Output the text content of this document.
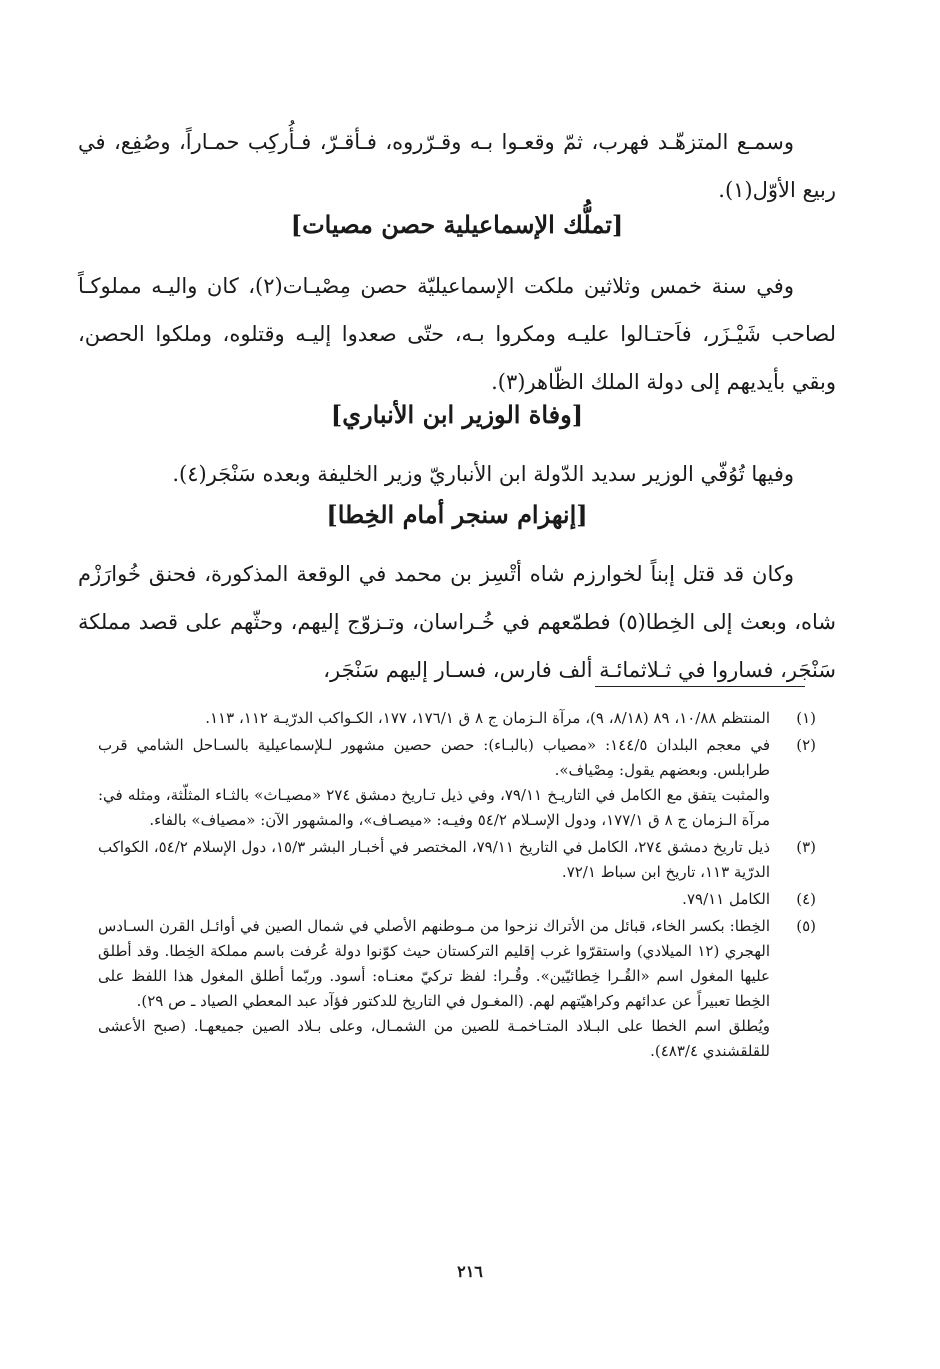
وسمـع المتزهّـد فهرب، ثمّ وقعـوا بـه وقـرّروه، فـأقـرّ، فـأُركِب حمـاراً، وصُفِع، في ربيع الأوّل(١).

[تملُّك الإسماعيلية حصن مصيات]

وفي سنة خمس وثلاثين ملكت الإسماعيليّة حصن مِصْيـات(٢)، كان واليـه مملوكـاً لصاحب شَيْـزَر، فاَحتـالوا عليـه ومكروا بـه، حتّى صعدوا إليـه وقتلوه، وملكوا الحصن، وبقي بأيديهم إلى دولة الملك الظّاهر(٣).

[وفاة الوزير ابن الأنباري]

وفيها تُوُفّي الوزير سديد الدّولة ابن الأنباريّ وزير الخليفة وبعده سَنْجَر(٤).

[إنهزام سنجر أمام الخِطا]

وكان قد قتل إبناً لخوارزم شاه أتْسِز بن محمد في الوقعة المذكورة، فحنق خُوارَزْم شاه، وبعث إلى الخِطا(٥) فطمّعهم في خُـراسان، وتـزوّج إليهم، وحثّهم على قصد مملكة سَنْجَر، فساروا في ثـلاثمائـة ألف فارس، فسـار إليهم سَنْجَر،

(١)

المنتظم ١٠/٨٨، ٨٩ (٨/١٨، ٩)، مرآة الـزمان ج ٨ ق ١٧٦/١، ١٧٧، الكـواكب الدرّيـة ١١٢، ١١٣.

(٢)

في معجم البلدان ١٤٤/٥: «مصياب (بالبـاء): حصن حصين مشهور لـلإسماعيلية بالسـاحل الشامي قرب طرابلس. وبعضهم يقول: مِصْياف».

والمثبت يتفق مع الكامل في التاريـخ ٧٩/١١، وفي ذيل تـاريخ دمشق ٢٧٤ «مصيـاث» بالثـاء المثلّثة، ومثله في: مرآة الـزمان ج ٨ ق ١٧٧/١، ودول الإسـلام ٥٤/٢ وفيـه: «ميصـاف»، والمشهور الآن: «مصياف» بالفاء.

(٣)

ذيل تاريخ دمشق ٢٧٤، الكامل في التاريخ ٧٩/١١، المختصر في أخبـار البشر ١٥/٣، دول الإسلام ٥٤/٢، الكواكب الدرّية ١١٣، تاريخ ابن سباط ٧٢/١.

(٤)

الكامل ٧٩/١١.

(٥)

الخِطا: بكسر الخاء، قبائل من الأتراك نزحوا من مـوطنهم الأصلي في شمال الصين في أوائـل القرن السـادس الهجري (١٢ الميلادي) واستقرّوا غرب إقليم التركستان حيث كوّنوا دولة عُرفت باسم مملكة الخِطا. وقد أطلق عليها المغول اسم «القُـرا خِطائيّين». وقُـرا: لفظ تركيّ معنـاه: أسود. وربّما أطلق المغول هذا اللفظ على الخِطا تعبيراً عن عدائهم وكراهيّتهم لهم. (المغـول في التاريخ للدكتور فؤآد عبد المعطي الصياد ـ ص ٢٩).

ويُطلق اسم الخطا على البـلاد المتـاخمـة للصين من الشمـال، وعلى بـلاد الصين جميعهـا. (صبح الأعشى للقلقشندي ٤٨٣/٤).

٢١٦
